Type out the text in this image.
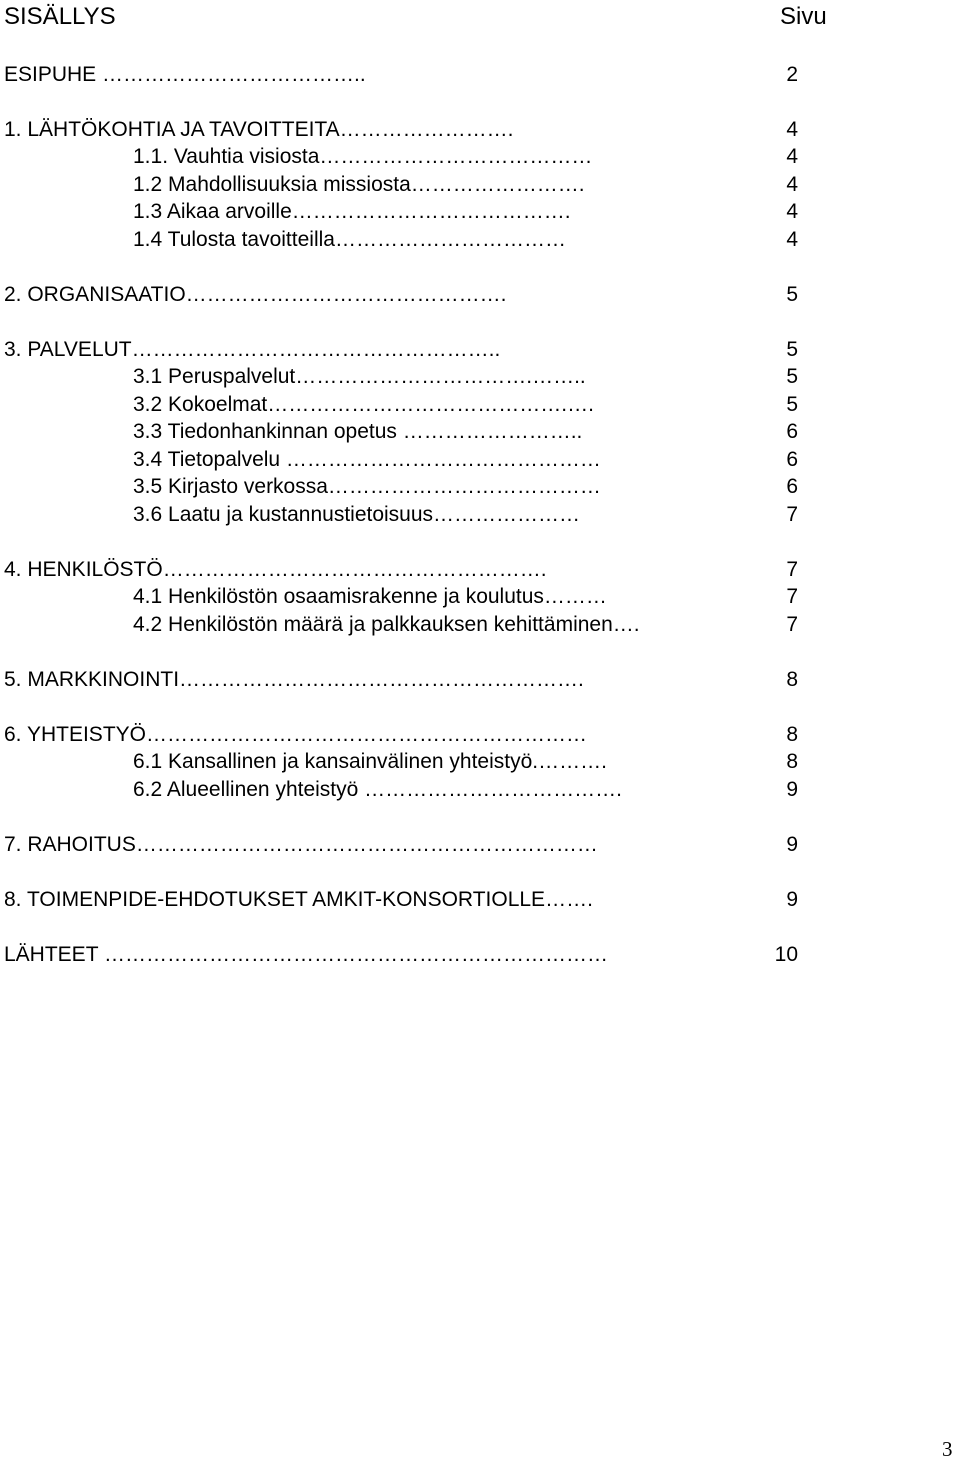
SISÄLLYS	Sivu
ESIPUHE ………………………………..	2
1. LÄHTÖKOHTIA JA TAVOITTEITA…………………….	4
1.1. Vauhtia visiosta…………………………………	4
1.2 Mahdollisuuksia missiosta…………………….	4
1.3 Aikaa arvoille………………………………….	4
1.4 Tulosta tavoitteilla……………………………	4
2. ORGANISAATIO……………………………………….	5
3. PALVELUT……………………………………………..	5
3.1 Peruspalvelut…………………………….……..	5
3.2 Kokoelmat…………………………………….….	5
3.3 Tiedonhankinnan opetus ……………………..	6
3.4 Tietopalvelu ………………………………………	6
3.5 Kirjasto verkossa…………………………………	6
3.6 Laatu ja kustannustietoisuus…………………	7
4. HENKILÖSTÖ……………………………………………….	7
4.1 Henkilöstön osaamisrakenne ja koulutus………	7
4.2 Henkilöstön määrä ja palkkauksen kehittäminen….	7
5. MARKKINOINTI………………………………………………….	8
6. YHTEISTYÖ………………………………………………………	8
6.1 Kansallinen ja kansainvälinen yhteistyö.……….	8
6.2 Alueellinen yhteistyö ……………………………….	9
7. RAHOITUS…………………………………………………………	9
8. TOIMENPIDE-EHDOTUKSET AMKIT-KONSORTIOLLE…….	9
LÄHTEET ………………………………………………………………	10
3
